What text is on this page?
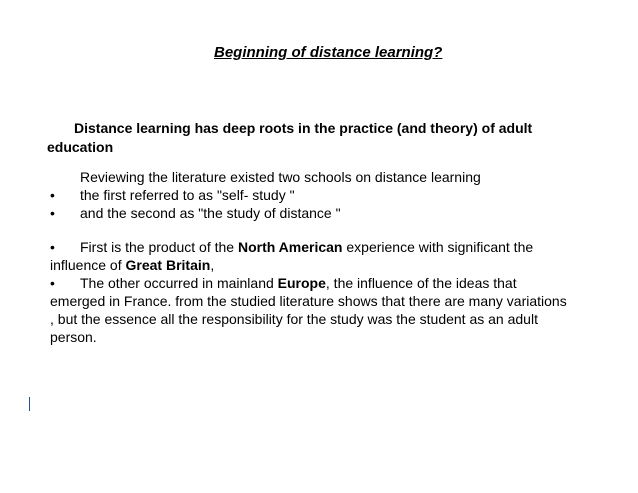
Beginning of distance learning?
Distance learning has deep roots in the practice (and theory) of adult
education
Reviewing the literature existed two schools on distance learning
• the first referred to as "self- study "
• and the second as "the study of distance "
• First is the product of the North American experience with significant the
influence of Great Britain,
• The other occurred in mainland Europe, the influence of the ideas that
emerged in France. from the studied literature shows that there are many variations
, but the essence all the responsibility for the study was the student as an adult
person.
